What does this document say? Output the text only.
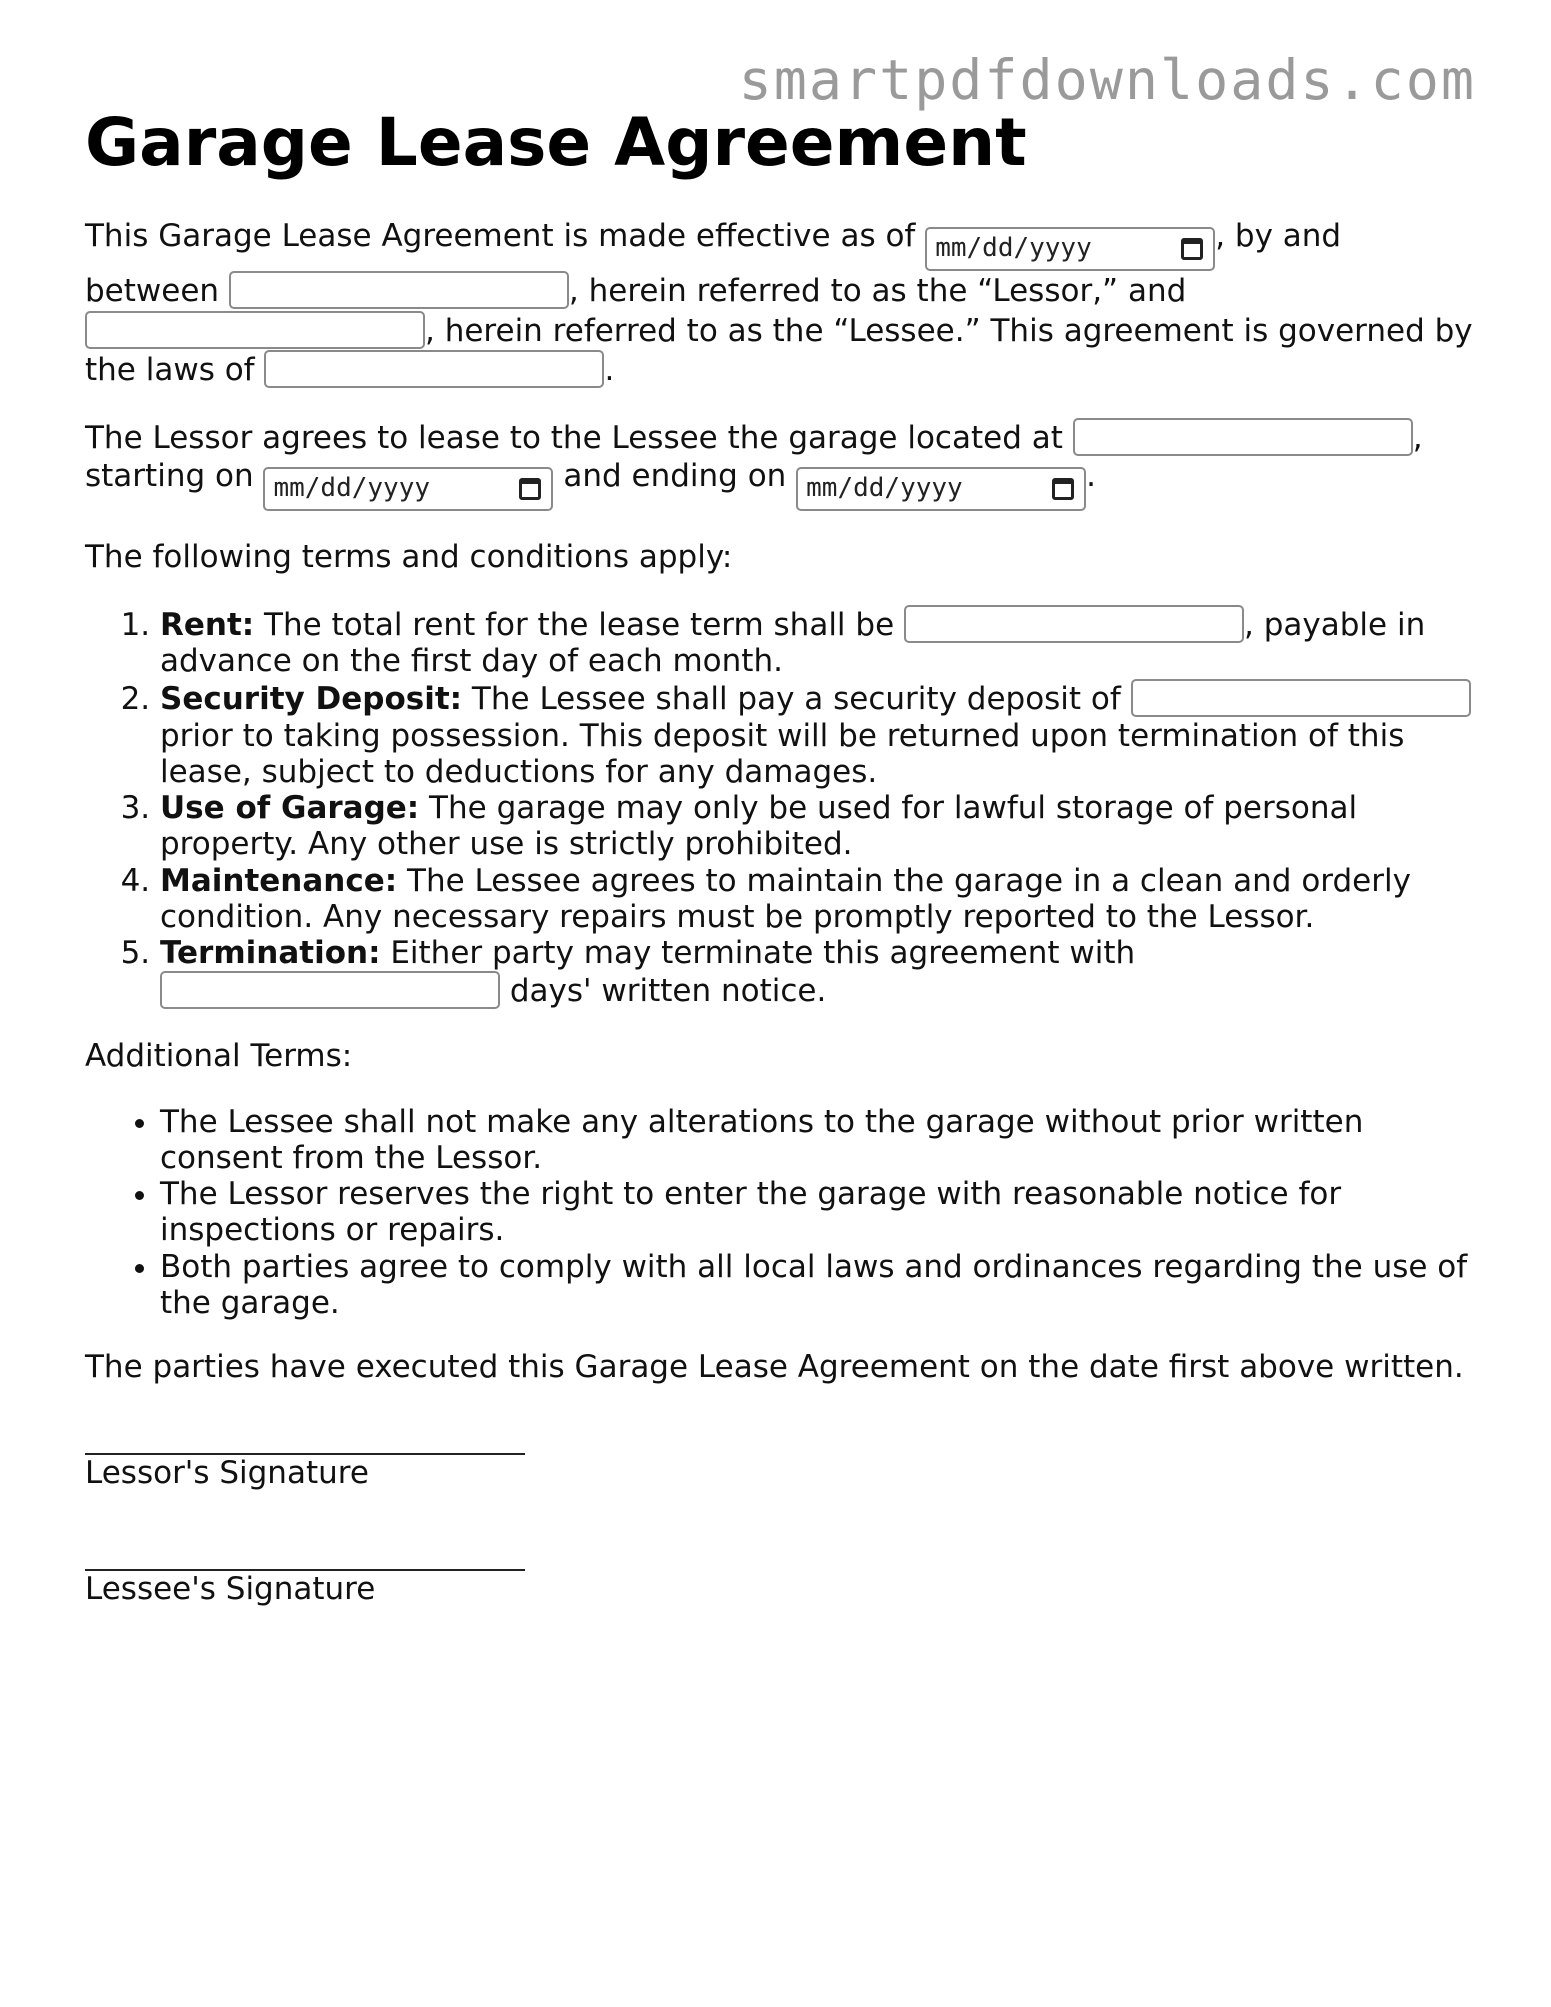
smartpdfdownloads.com
Garage Lease Agreement

This Garage Lease Agreement is made effective as of mm/dd/yyyy	, by and between	, herein referred to as the “Lessor,” and , herein referred to as the “Lessee.” This agreement is governed by the laws of	.

The Lessor agrees to lease to the Lessee the garage located at	, starting on mm/dd/yyyy	and ending on mm/dd/yyyy	.

The following terms and conditions apply:

1. Rent: The total rent for the lease term shall be	, payable in advance on the first day of each month.
2. Security Deposit: The Lessee shall pay a security deposit of  prior to taking possession. This deposit will be returned upon termination of this lease, subject to deductions for any damages.
3. Use of Garage: The garage may only be used for lawful storage of personal property. Any other use is strictly prohibited.
4. Maintenance: The Lessee agrees to maintain the garage in a clean and orderly condition. Any necessary repairs must be promptly reported to the Lessor.
5. Termination: Either party may terminate this agreement with  days' written notice.

Additional Terms:

• The Lessee shall not make any alterations to the garage without prior written consent from the Lessor.
• The Lessor reserves the right to enter the garage with reasonable notice for inspections or repairs.
• Both parties agree to comply with all local laws and ordinances regarding the use of the garage.

The parties have executed this Garage Lease Agreement on the date first above written.

Lessor's Signature
Lessee's Signature
